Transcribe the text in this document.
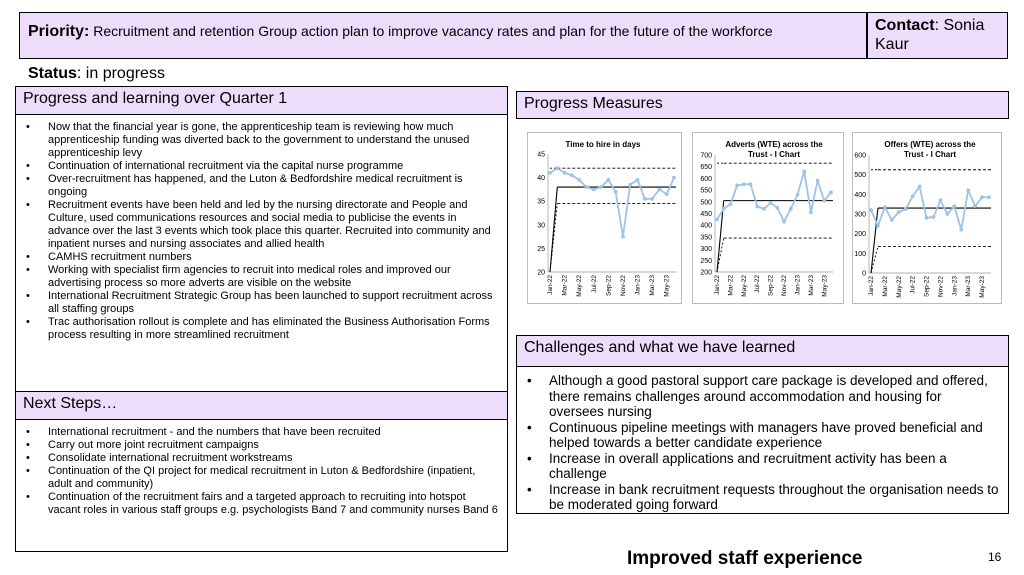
Priority: Recruitment and retention Group action plan to improve vacancy rates and plan for the future of the workforce	Contact: Sonia Kaur
Status: in progress
Progress and learning over Quarter 1
• Now that the financial year is gone, the apprenticeship team is reviewing how much apprenticeship funding was diverted back to the government to understand the unused apprenticeship levy
• Continuation of international recruitment via the capital nurse programme
• Over-recruitment has happened, and the Luton & Bedfordshire medical recruitment is ongoing
• Recruitment events have been held and led by the nursing directorate and People and Culture, used communications resources and social media to publicise the events in advance over the last 3 events which took place this quarter. Recruited into community and inpatient nurses and nursing associates and allied health
• CAMHS recruitment numbers
• Working with specialist firm agencies to recruit into medical roles and improved our advertising process so more adverts are visible on the website
• International Recruitment Strategic Group has been launched to support recruitment across all staffing groups
• Trac authorisation rollout is complete and has eliminated the Business Authorisation Forms process resulting in more streamlined recruitment
Next Steps…
• International recruitment - and the numbers that have been recruited
• Carry out more joint recruitment campaigns
• Consolidate international recruitment workstreams
• Continuation of the QI project for medical recruitment in Luton & Bedfordshire (inpatient, adult and community)
• Continuation of the recruitment fairs and a targeted approach to recruiting into hotspot vacant roles in various staff groups e.g. psychologists Band 7 and community nurses Band 6
Progress Measures
Time to hire in days
20
25
30
35
40
45
Jan-22 Mar-22 May-22 Jul-22 Sep-22 Nov-22 Jan-23 Mar-23 May-23
Adverts (WTE) across the
Trust - I Chart
200
250
300
350
400
450
500
550
600
650
700
Jan-22 Mar-22 May-22 Jul-22 Sep-22 Nov-22 Jan-23 Mar-23 May-23
Offers (WTE) across the
Trust - I Chart
0
100
200
300
400
500
600
Jan-22 Mar-22 May-22 Jul-22 Sep-22 Nov-22 Jan-23 Mar-23 May-23
Challenges and what we have learned
• Although a good pastoral support care package is developed and offered, there remains challenges around accommodation and housing for oversees nursing
• Continuous pipeline meetings with managers have proved beneficial and helped towards a better candidate experience
• Increase in overall applications and recruitment activity has been a challenge
• Increase in bank recruitment requests throughout the organisation needs to be moderated going forward
Improved staff experience	16
